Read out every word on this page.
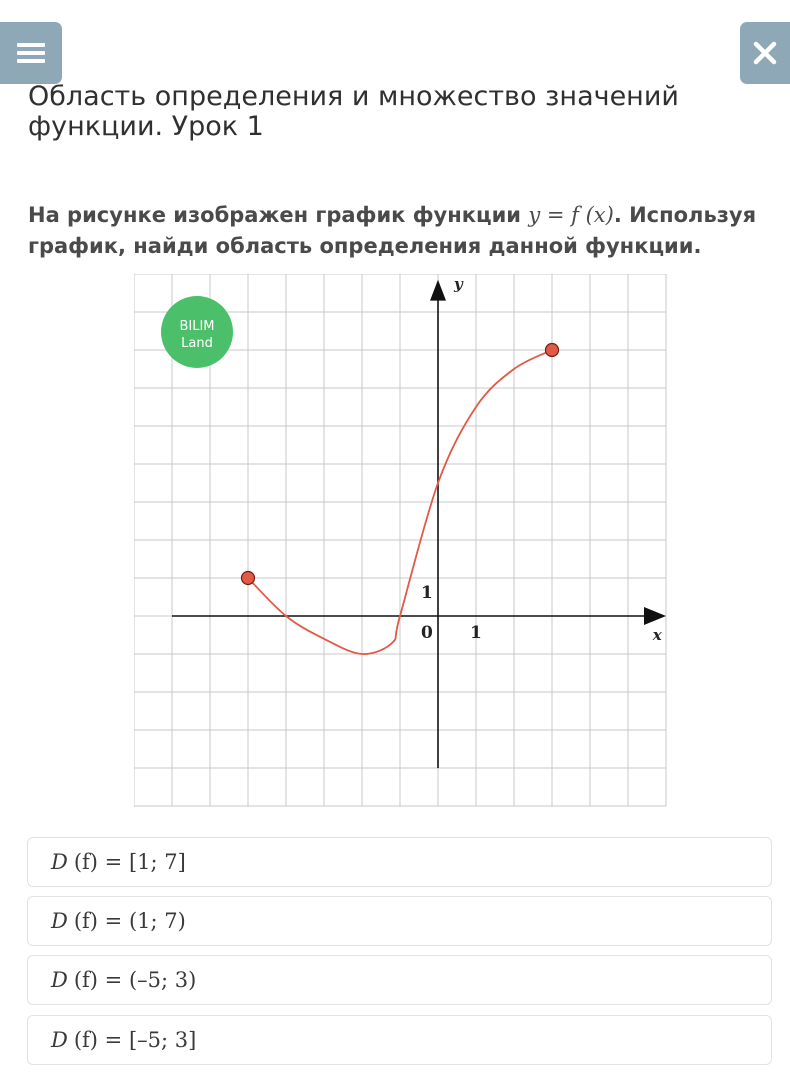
Область определения и множество значений функции. Урок 1
На рисунке изображен график функции y = f (x). Используя график, найди область определения данной функции.
y
x
0 1
1
BILIM
Land
D (f) = [1; 7]
D (f) = (1; 7)
D (f) = (–5; 3)
D (f) = [–5; 3]
